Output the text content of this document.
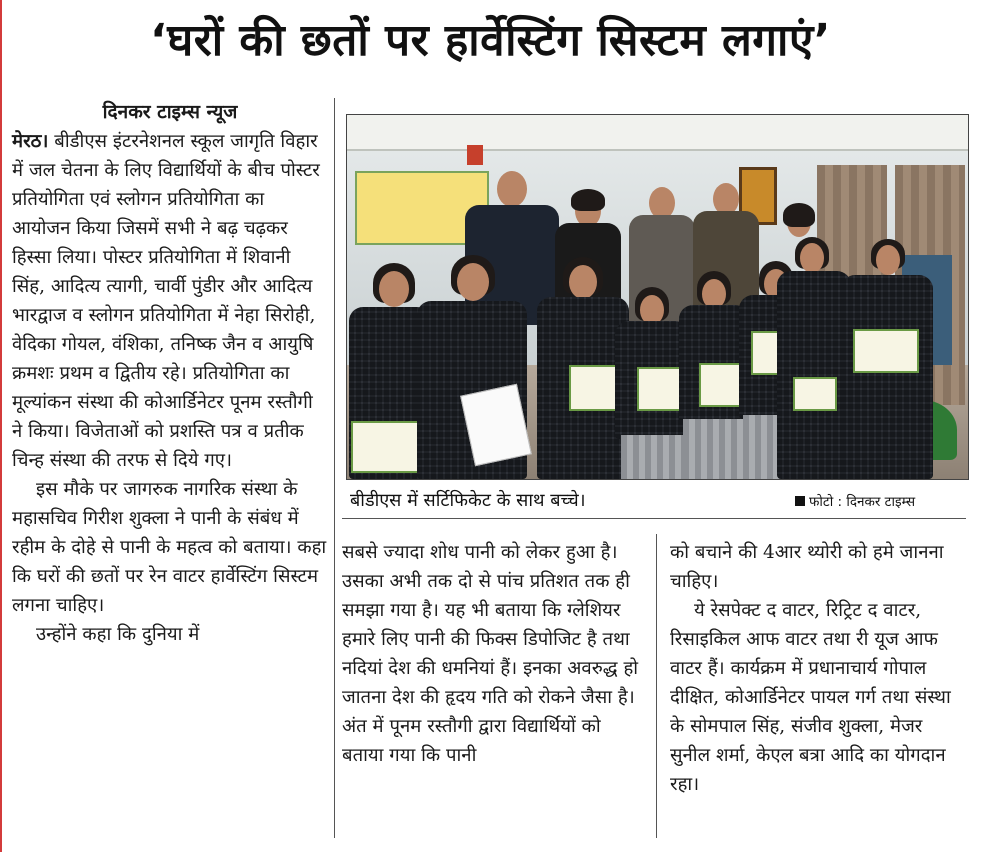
‘घरों की छतों पर हार्वेस्टिंग सिस्टम लगाएं’

दिनकर टाइम्स न्यूज

मेरठ। बीडीएस इंटरनेशनल स्कूल जागृति विहार में जल चेतना के लिए विद्यार्थियों के बीच पोस्टर प्रतियोगिता एवं स्लोगन प्रतियोगिता का आयोजन किया जिसमें सभी ने बढ़ चढ़कर हिस्सा लिया। पोस्टर प्रतियोगिता में शिवानी सिंह, आदित्य त्यागी, चार्वी पुंडीर और आदित्य भारद्वाज व स्लोगन प्रतियोगिता में नेहा सिरोही, वेदिका गोयल, वंशिका, तनिष्क जैन व आयुषि क्रमशः प्रथम व द्वितीय रहे। प्रतियोगिता का मूल्यांकन संस्था की कोआर्डिनेटर पूनम रस्तौगी ने किया। विजेताओं को प्रशस्ति पत्र व प्रतीक चिन्ह संस्था की तरफ से दिये गए।

इस मौके पर जागरुक नागरिक संस्था के महासचिव गिरीश शुक्ला ने पानी के संबंध में रहीम के दोहे से पानी के महत्व को बताया। कहा कि घरों की छतों पर रेन वाटर हार्वेस्टिंग सिस्टम लगना चाहिए।

उन्होंने कहा कि दुनिया में

बीडीएस में सर्टिफिकेट के साथ बच्चे।	फोटो : दिनकर टाइम्स

सबसे ज्यादा शोध पानी को लेकर हुआ है। उसका अभी तक दो से पांच प्रतिशत तक ही समझा गया है। यह भी बताया कि ग्लेशियर हमारे लिए पानी की फिक्स डिपोजिट है तथा नदियां देश की धमनियां हैं। इनका अवरुद्ध हो जातना देश की हृदय गति को रोकने जैसा है। अंत में पूनम रस्तौगी द्वारा विद्यार्थियों को बताया गया कि पानी

को बचाने की 4आर थ्योरी को हमे जानना चाहिए।

ये रेसपेक्ट द वाटर, रिट्रिट द वाटर, रिसाइकिल आफ वाटर तथा री यूज आफ वाटर हैं। कार्यक्रम में प्रधानाचार्य गोपाल दीक्षित, कोआर्डिनेटर पायल गर्ग तथा संस्था के सोमपाल सिंह, संजीव शुक्ला, मेजर सुनील शर्मा, केएल बत्रा आदि का योगदान रहा।
